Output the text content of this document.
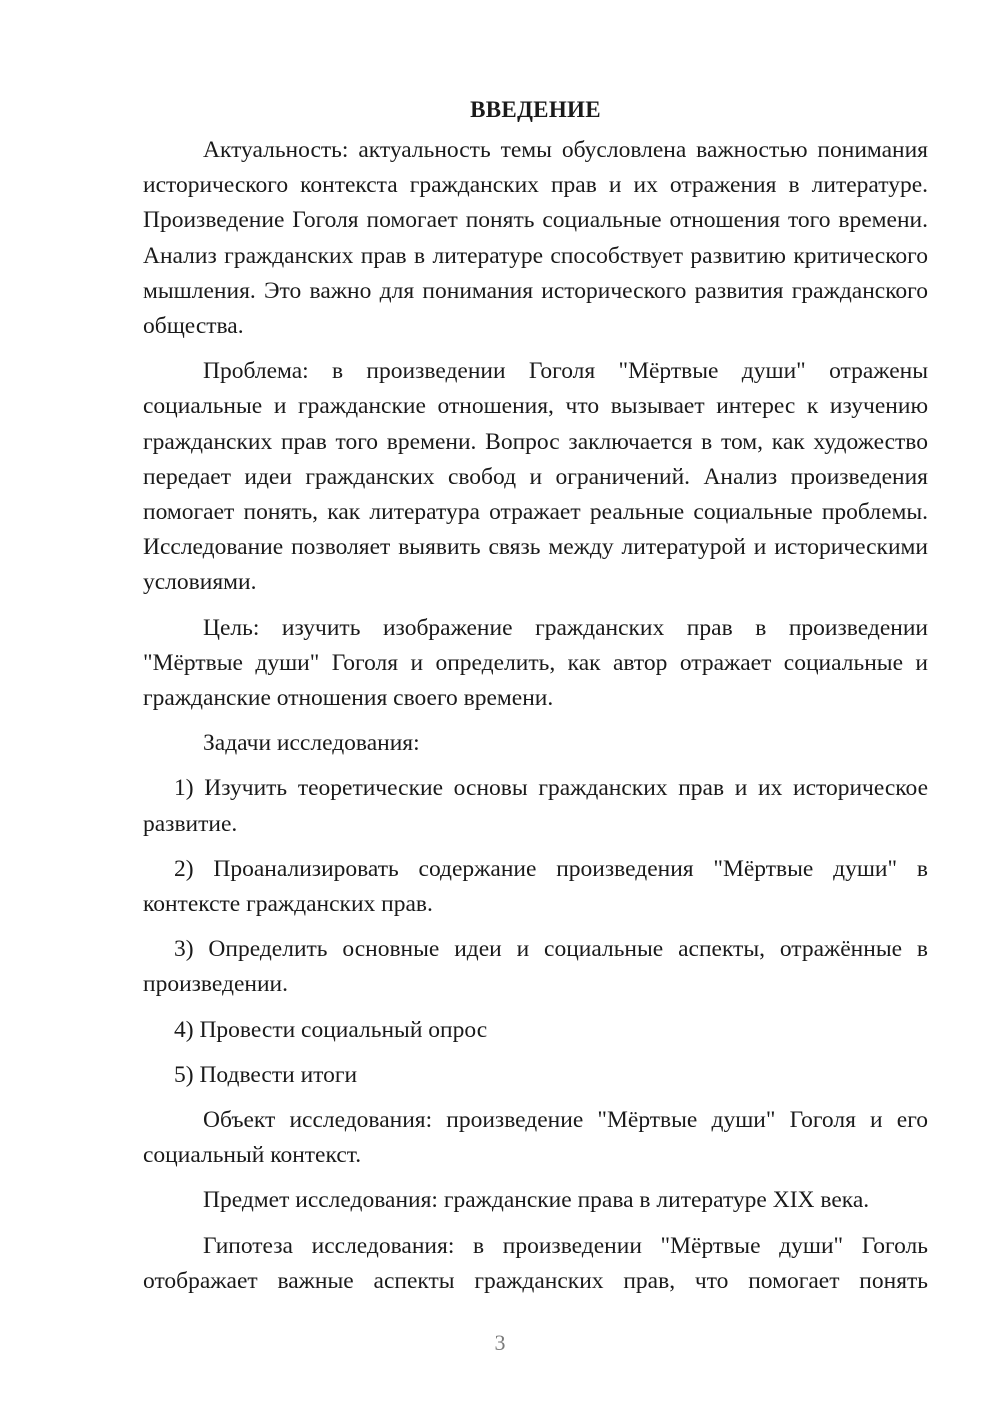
ВВЕДЕНИЕ

Актуальность: актуальность темы обусловлена важностью понимания исторического контекста гражданских прав и их отражения в литературе. Произведение Гоголя помогает понять социальные отношения того времени. Анализ гражданских прав в литературе способствует развитию критического мышления. Это важно для понимания исторического развития гражданского общества.

Проблема: в произведении Гоголя "Мёртвые души" отражены социальные и гражданские отношения, что вызывает интерес к изучению гражданских прав того времени. Вопрос заключается в том, как художество передает идеи гражданских свобод и ограничений. Анализ произведения помогает понять, как литература отражает реальные социальные проблемы. Исследование позволяет выявить связь между литературой и историческими условиями.

Цель: изучить изображение гражданских прав в произведении "Мёртвые души" Гоголя и определить, как автор отражает социальные и гражданские отношения своего времени.

Задачи исследования:

1) Изучить теоретические основы гражданских прав и их историческое развитие.

2) Проанализировать содержание произведения "Мёртвые души" в контексте гражданских прав.

3) Определить основные идеи и социальные аспекты, отражённые в произведении.

4) Провести социальный опрос

5) Подвести итоги

Объект исследования: произведение "Мёртвые души" Гоголя и его социальный контекст.

Предмет исследования: гражданские права в литературе XIX века.

Гипотеза исследования: в произведении "Мёртвые души" Гоголь отображает важные аспекты гражданских прав, что помогает понять

3
